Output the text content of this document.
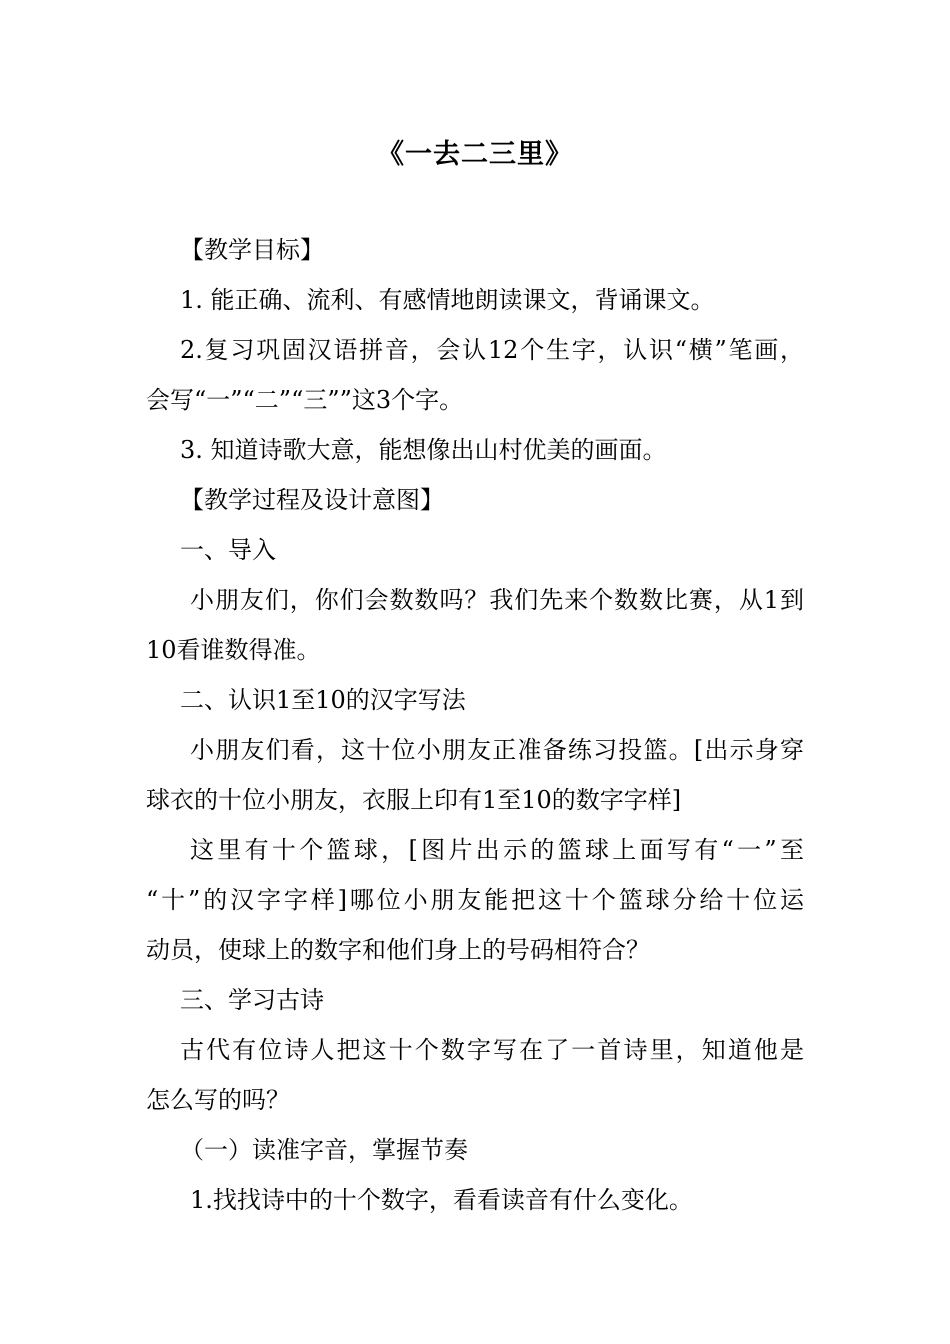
《一去二三里》
【教学目标】
1. 能正确、流利、有感情地朗读课文，背诵课文。
2.复习巩固汉语拼音，会认12个生字，认识“横”笔画，
会写“一”“二”“三””这3个字。
3. 知道诗歌大意，能想像出山村优美的画面。
【教学过程及设计意图】
一、导入
小朋友们，你们会数数吗？我们先来个数数比赛，从1到
10看谁数得准。
二、认识1至10的汉字写法
小朋友们看，这十位小朋友正准备练习投篮。[出示身穿
球衣的十位小朋友，衣服上印有1至10的数字字样]
这里有十个篮球，[图片出示的篮球上面写有“一”至
“十”的汉字字样]哪位小朋友能把这十个篮球分给十位运
动员，使球上的数字和他们身上的号码相符合？
三、学习古诗
古代有位诗人把这十个数字写在了一首诗里，知道他是
怎么写的吗？
（一）读准字音，掌握节奏
1.找找诗中的十个数字，看看读音有什么变化。
